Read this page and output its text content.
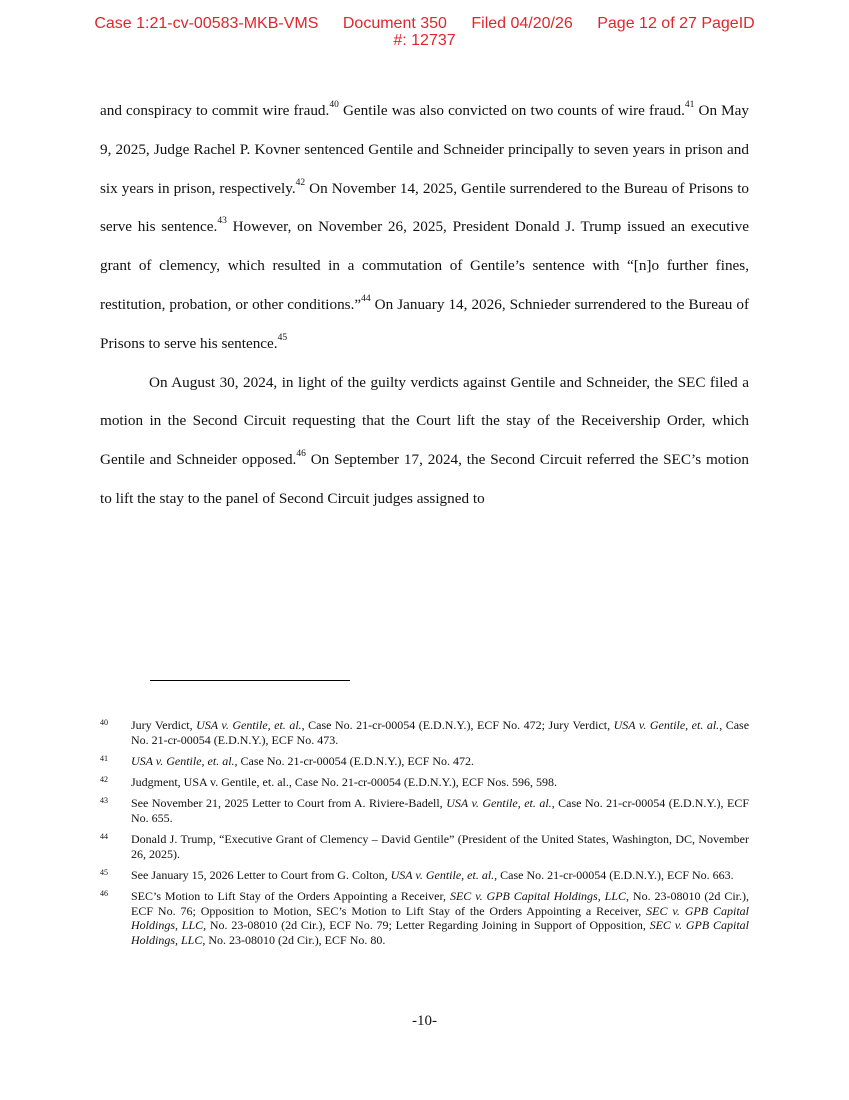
Case 1:21-cv-00583-MKB-VMS Document 350 Filed 04/20/26 Page 12 of 27 PageID
#: 12737

and conspiracy to commit wire fraud.$^{40}$ Gentile was also convicted on two counts of wire fraud.$^{41}$ On May 9, 2025, Judge Rachel P. Kovner sentenced Gentile and Schneider principally to seven years in prison and six years in prison, respectively.$^{42}$ On November 14, 2025, Gentile surrendered to the Bureau of Prisons to serve his sentence.$^{43}$ However, on November 26, 2025, President Donald J. Trump issued an executive grant of clemency, which resulted in a commutation of Gentile’s sentence with “[n]o further fines, restitution, probation, or other conditions.”$^{44}$ On January 14, 2026, Schnieder surrendered to the Bureau of Prisons to serve his sentence.$^{45}$

On August 30, 2024, in light of the guilty verdicts against Gentile and Schneider, the SEC filed a motion in the Second Circuit requesting that the Court lift the stay of the Receivership Order, which Gentile and Schneider opposed.$^{46}$ On September 17, 2024, the Second Circuit referred the SEC’s motion to lift the stay to the panel of Second Circuit judges assigned to

40	Jury Verdict, USA v. Gentile, et. al., Case No. 21-cr-00054 (E.D.N.Y.), ECF No. 472; Jury Verdict, USA v. Gentile, et. al., Case No. 21-cr-00054 (E.D.N.Y.), ECF No. 473.
41	USA v. Gentile, et. al., Case No. 21-cr-00054 (E.D.N.Y.), ECF No. 472.
42	Judgment, USA v. Gentile, et. al., Case No. 21-cr-00054 (E.D.N.Y.), ECF Nos. 596, 598.
43	See November 21, 2025 Letter to Court from A. Riviere-Badell, USA v. Gentile, et. al., Case No. 21-cr-00054 (E.D.N.Y.), ECF No. 655.
44	Donald J. Trump, “Executive Grant of Clemency – David Gentile” (President of the United States, Washington, DC, November 26, 2025).
45	See January 15, 2026 Letter to Court from G. Colton, USA v. Gentile, et. al., Case No. 21-cr-00054 (E.D.N.Y.), ECF No. 663.
46	SEC’s Motion to Lift Stay of the Orders Appointing a Receiver, SEC v. GPB Capital Holdings, LLC, No. 23-08010 (2d Cir.), ECF No. 76; Opposition to Motion, SEC’s Motion to Lift Stay of the Orders Appointing a Receiver, SEC v. GPB Capital Holdings, LLC, No. 23-08010 (2d Cir.), ECF No. 79; Letter Regarding Joining in Support of Opposition, SEC v. GPB Capital Holdings, LLC, No. 23-08010 (2d Cir.), ECF No. 80.
-10-
